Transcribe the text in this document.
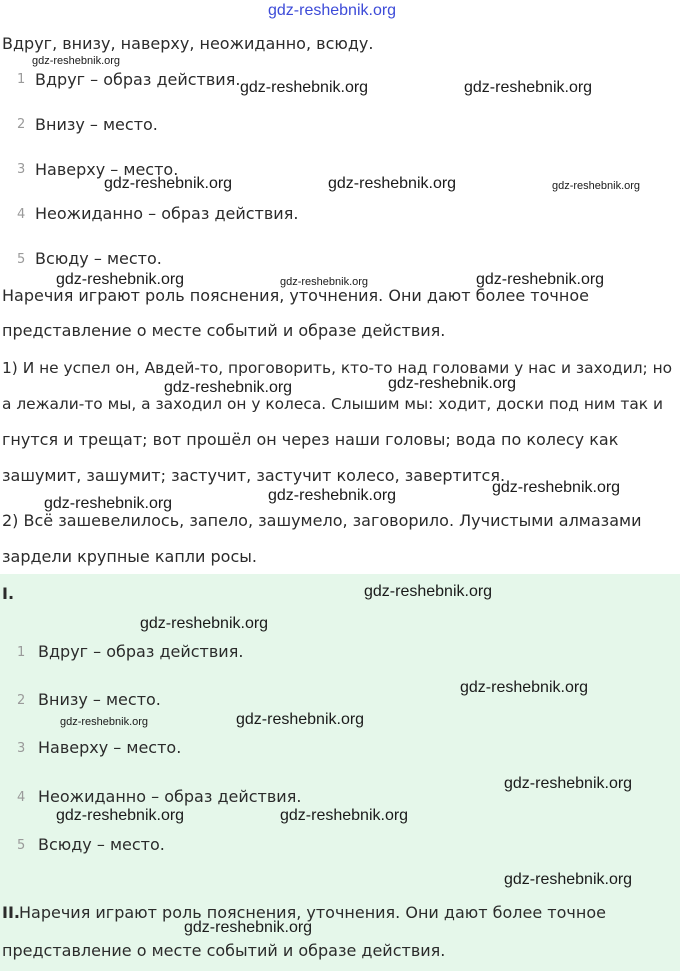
gdz-reshebnik.org
Вдруг, внизу, наверху, неожиданно, всюду.
1 Вдруг – образ действия.
2 Внизу – место.
3 Наверху – место.
4 Неожиданно – образ действия.
5 Всюду – место.
Наречия играют роль пояснения, уточнения. Они дают более точное
представление о месте событий и образе действия.
1) И не успел он, Авдей-то, проговорить, кто-то над головами у нас и заходил; но
а лежали-то мы, а заходил он у колеса. Слышим мы: ходит, доски под ним так и
гнутся и трещат; вот прошёл он через наши головы; вода по колесу как
зашумит, зашумит; застучит, застучит колесо, завертится.
2) Всё зашевелилось, запело, зашумело, заговорило. Лучистыми алмазами
зардели крупные капли росы.
I.
1 Вдруг – образ действия.
2 Внизу – место.
3 Наверху – место.
4 Неожиданно – образ действия.
5 Всюду – место.
II. Наречия играют роль пояснения, уточнения. Они дают более точное
представление о месте событий и образе действия.
gdz-reshebnik.org
gdz-reshebnik.org	gdz-reshebnik.org
gdz-reshebnik.org	gdz-reshebnik.org	gdz-reshebnik.org
gdz-reshebnik.org	gdz-reshebnik.org	gdz-reshebnik.org
gdz-reshebnik.org	gdz-reshebnik.org
gdz-reshebnik.org	gdz-reshebnik.org	gdz-reshebnik.org
gdz-reshebnik.org
gdz-reshebnik.org
gdz-reshebnik.org
gdz-reshebnik.org	gdz-reshebnik.org
gdz-reshebnik.org
gdz-reshebnik.org	gdz-reshebnik.org
gdz-reshebnik.org
gdz-reshebnik.org
